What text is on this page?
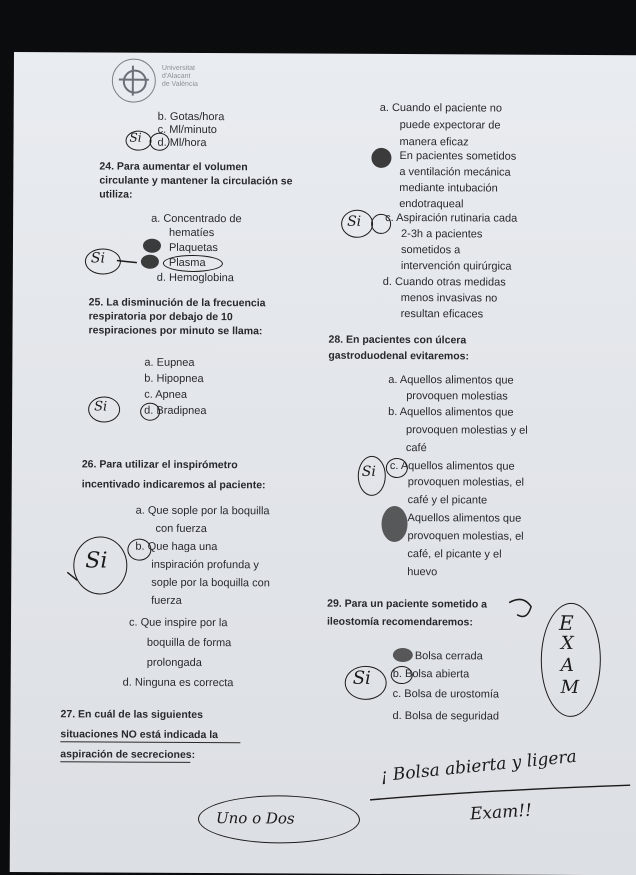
Universitat
d'Alacant
de València
b. Gotas/hora
c. Ml/minuto
d. Ml/hora
24. Para aumentar el volumen
circulante y mantener la circulación se
utiliza:
a. Concentrado de
hematíes
Plaquetas
Plasma
d. Hemoglobina
25. La disminución de la frecuencia
respiratoria por debajo de 10
respiraciones por minuto se llama:
a. Eupnea
b. Hipopnea
c. Apnea
d. Bradipnea
26. Para utilizar el inspirómetro
incentivado indicaremos al paciente:
a. Que sople por la boquilla
con fuerza
b. Que haga una
inspiración profunda y
sople por la boquilla con
fuerza
c. Que inspire por la
boquilla de forma
prolongada
d. Ninguna es correcta
27. En cuál de las siguientes
situaciones NO está indicada la
aspiración de secreciones:
a. Cuando el paciente no
puede expectorar de
manera eficaz
En pacientes sometidos
a ventilación mecánica
mediante intubación
endotraqueal
c. Aspiración rutinaria cada
2-3h a pacientes
sometidos a
intervención quirúrgica
d. Cuando otras medidas
menos invasivas no
resultan eficaces
28. En pacientes con úlcera
gastroduodenal evitaremos:
a. Aquellos alimentos que
provoquen molestias
b. Aquellos alimentos que
provoquen molestias y el
café
c. Aquellos alimentos que
provoquen molestias, el
café y el picante
Aquellos alimentos que
provoquen molestias, el
café, el picante y el
huevo
29. Para un paciente sometido a
ileostomía recomendaremos:
Bolsa cerrada
b. Bolsa abierta
c. Bolsa de urostomía
d. Bolsa de seguridad
Si
Si
Si
Si
Si
Si
Si
E
X
A
M
¡ Bolsa abierta y ligera
Exam!!
Uno o Dos
